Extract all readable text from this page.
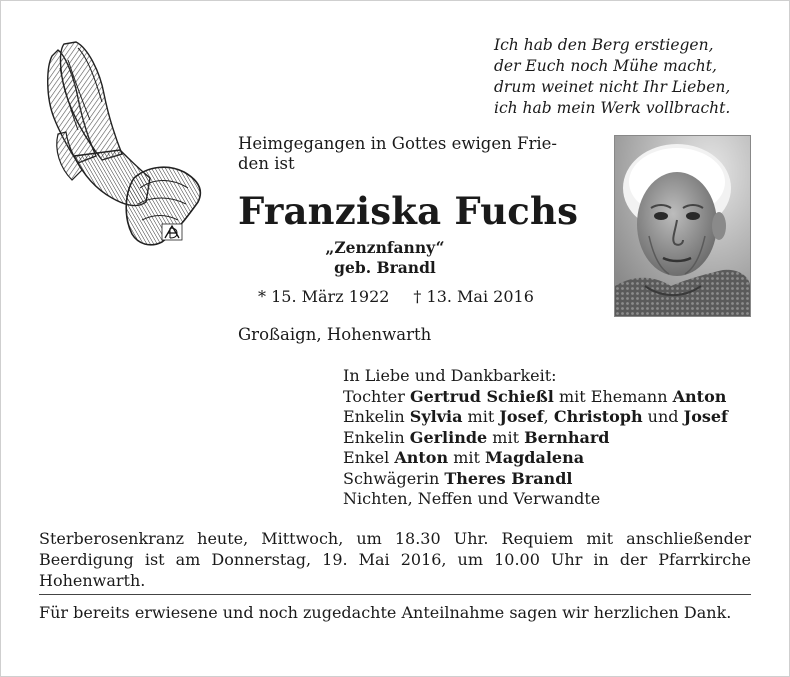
Ich hab den Berg erstiegen,
der Euch noch Mühe macht,
drum weinet nicht Ihr Lieben,
ich hab mein Werk vollbracht.
Heimgegangen in Gottes ewigen Frie-
den ist
Franziska Fuchs
„Zenznfanny“
geb. Brandl
* 15. März 1922 † 13. Mai 2016
Großaign, Hohenwarth
In Liebe und Dankbarkeit:
Tochter Gertrud Schießl mit Ehemann Anton
Enkelin Sylvia mit Josef, Christoph und Josef
Enkelin Gerlinde mit Bernhard
Enkel Anton mit Magdalena
Schwägerin Theres Brandl
Nichten, Neffen und Verwandte
Sterberosenkranz heute, Mittwoch, um 18.30 Uhr. Requiem mit anschließender Beerdigung ist am Donnerstag, 19. Mai 2016, um 10.00 Uhr in der Pfarrkirche Hohenwarth.
Für bereits erwiesene und noch zugedachte Anteilnahme sagen wir herzlichen Dank.
